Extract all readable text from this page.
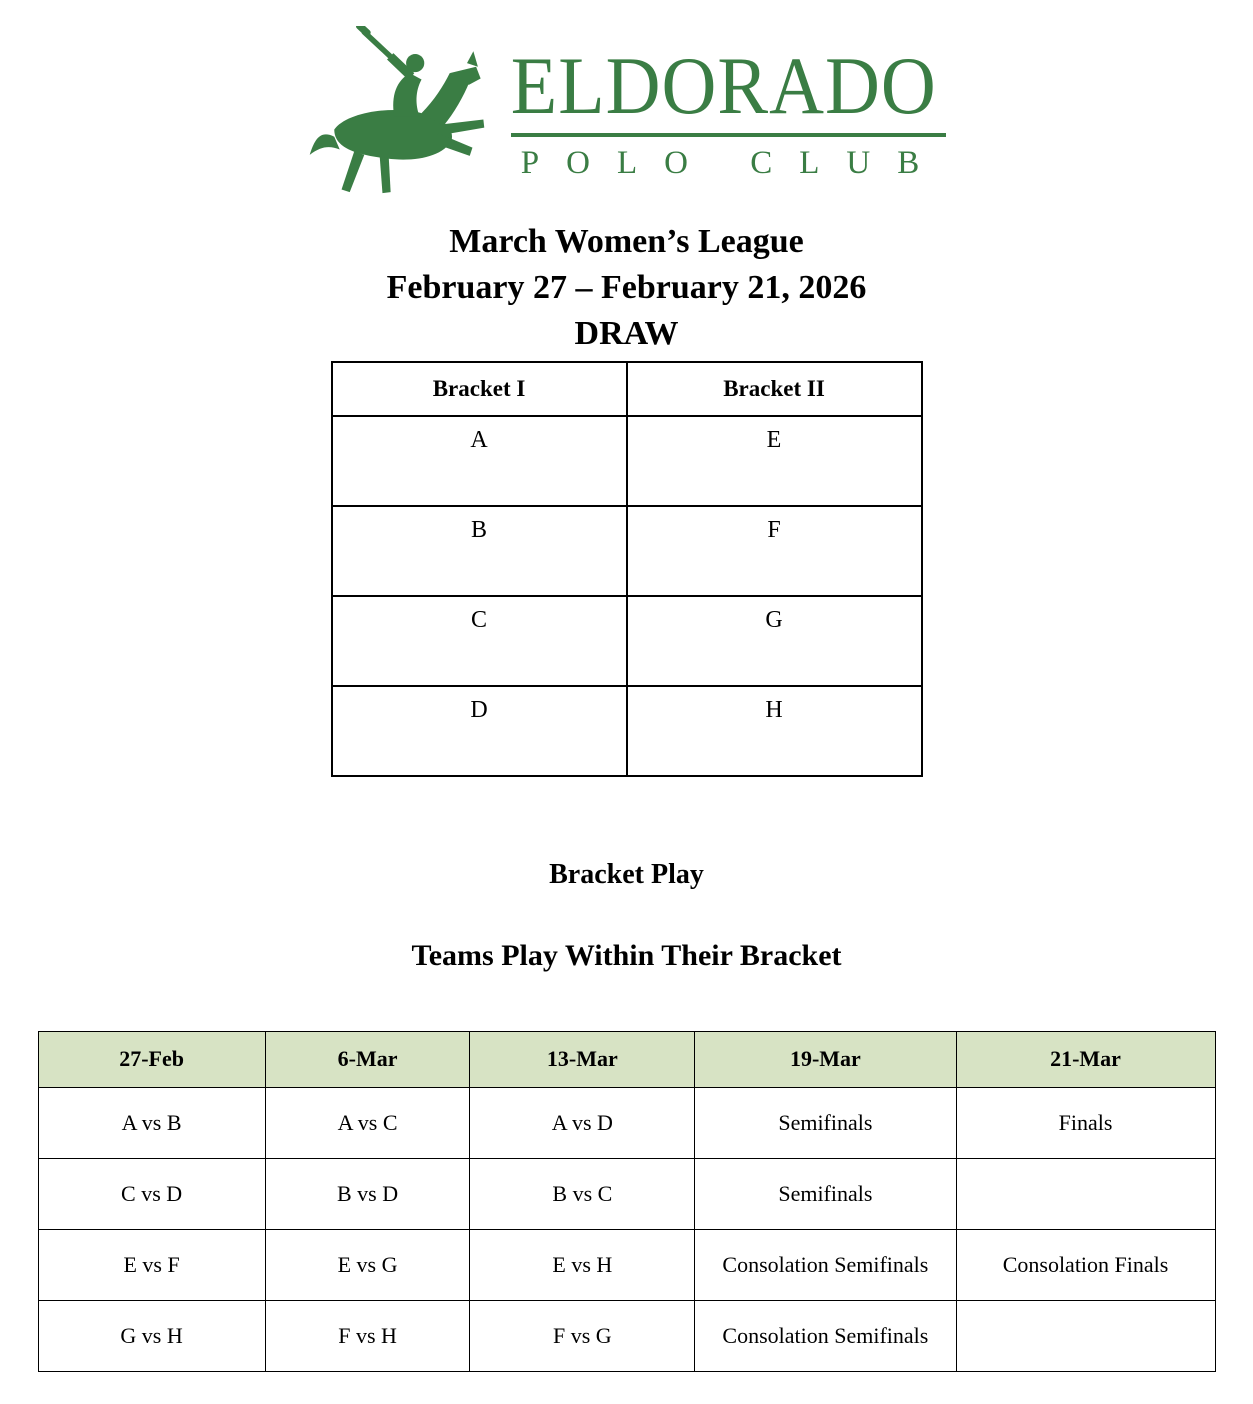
ELDORADO
POLO CLUB
March Women’s League
February 27 – February 21, 2026
DRAW
Bracket I	Bracket II
A	E
B	F
C	G
D	H
Bracket Play
Teams Play Within Their Bracket
27-Feb	6-Mar	13-Mar	19-Mar	21-Mar
A vs B	A vs C	A vs D	Semifinals	Finals
C vs D	B vs D	B vs C	Semifinals	
E vs F	E vs G	E vs H	Consolation Semifinals	Consolation Finals
G vs H	F vs H	F vs G	Consolation Semifinals	
